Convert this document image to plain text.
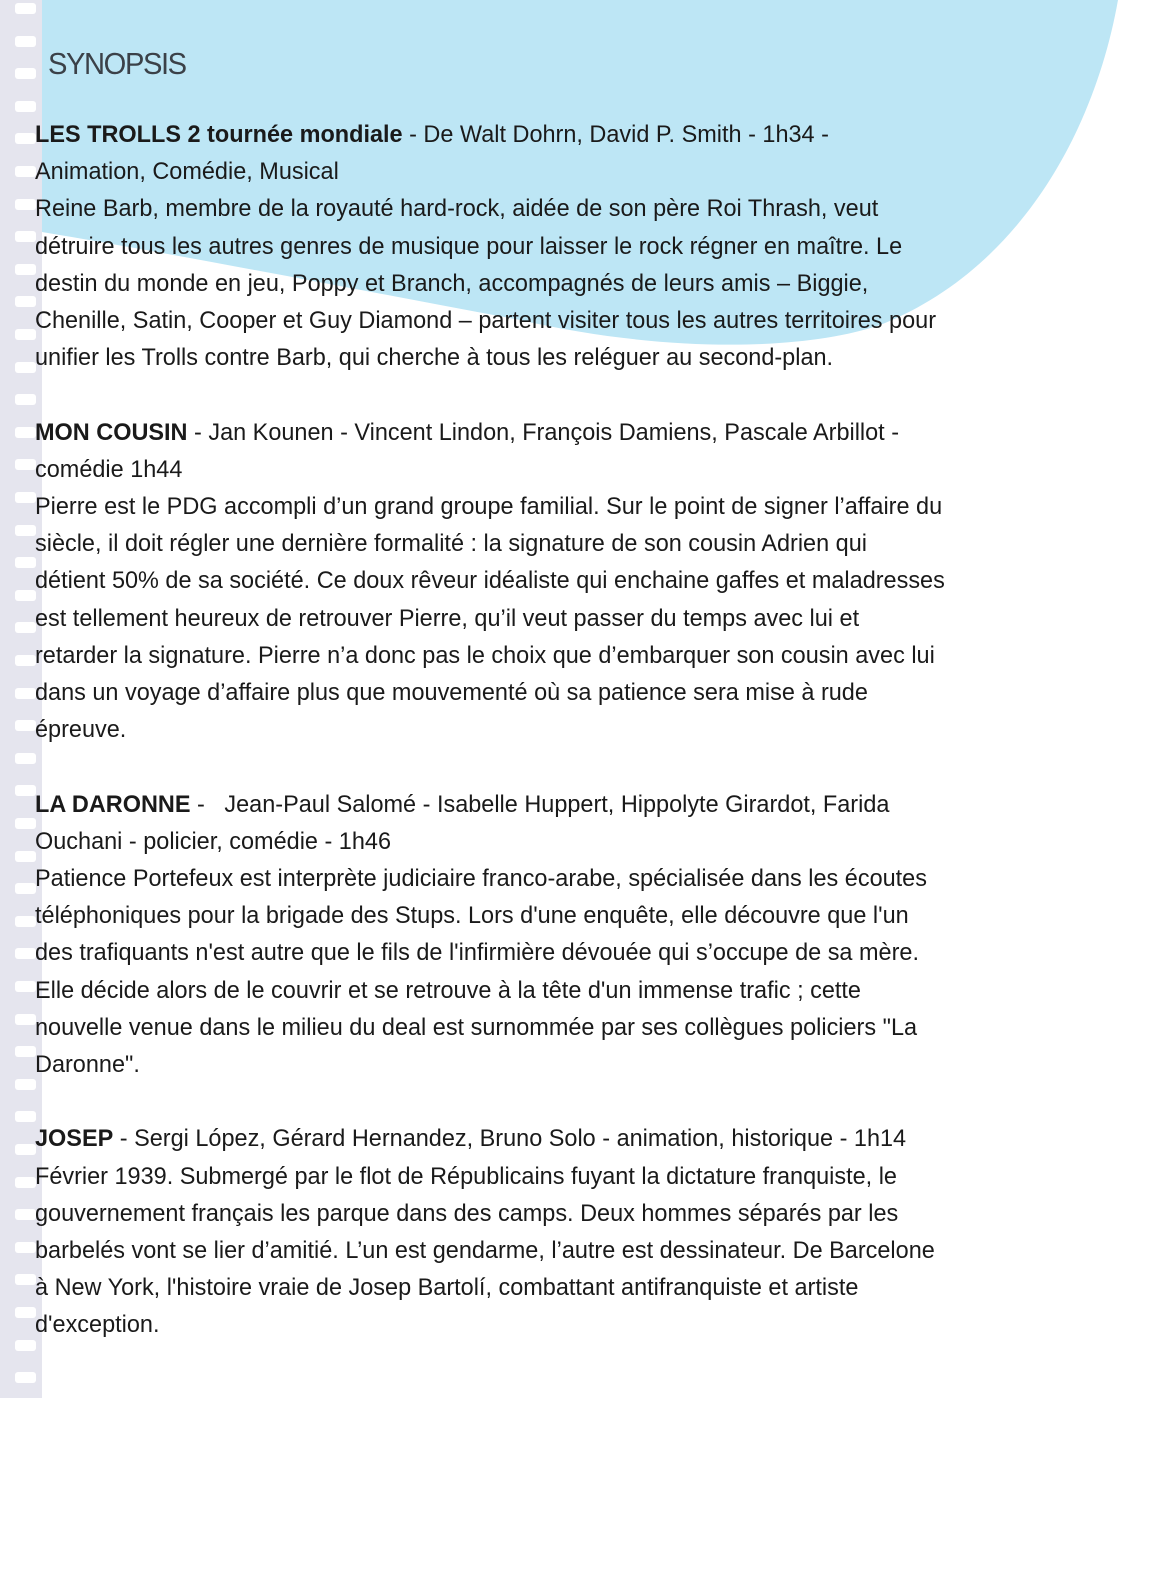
SYNOPSIS
LES TROLLS 2 tournée mondiale - De Walt Dohrn, David P. Smith - 1h34 -
Animation, Comédie, Musical
Reine Barb, membre de la royauté hard-rock, aidée de son père Roi Thrash, veut
détruire tous les autres genres de musique pour laisser le rock régner en maître. Le
destin du monde en jeu, Poppy et Branch, accompagnés de leurs amis – Biggie,
Chenille, Satin, Cooper et Guy Diamond – partent visiter tous les autres territoires pour
unifier les Trolls contre Barb, qui cherche à tous les reléguer au second-plan.
MON COUSIN - Jan Kounen - Vincent Lindon, François Damiens, Pascale Arbillot -
comédie 1h44
Pierre est le PDG accompli d’un grand groupe familial. Sur le point de signer l’affaire du
siècle, il doit régler une dernière formalité : la signature de son cousin Adrien qui
détient 50% de sa société. Ce doux rêveur idéaliste qui enchaine gaffes et maladresses
est tellement heureux de retrouver Pierre, qu’il veut passer du temps avec lui et
retarder la signature. Pierre n’a donc pas le choix que d’embarquer son cousin avec lui
dans un voyage d’affaire plus que mouvementé où sa patience sera mise à rude
épreuve.
LA DARONNE -   Jean-Paul Salomé - Isabelle Huppert, Hippolyte Girardot, Farida
Ouchani - policier, comédie - 1h46
Patience Portefeux est interprète judiciaire franco-arabe, spécialisée dans les écoutes
téléphoniques pour la brigade des Stups. Lors d'une enquête, elle découvre que l'un
des trafiquants n'est autre que le fils de l'infirmière dévouée qui s’occupe de sa mère.
Elle décide alors de le couvrir et se retrouve à la tête d'un immense trafic ; cette
nouvelle venue dans le milieu du deal est surnommée par ses collègues policiers "La
Daronne".
JOSEP - Sergi López, Gérard Hernandez, Bruno Solo - animation, historique - 1h14
Février 1939. Submergé par le flot de Républicains fuyant la dictature franquiste, le
gouvernement français les parque dans des camps. Deux hommes séparés par les
barbelés vont se lier d’amitié. L’un est gendarme, l’autre est dessinateur. De Barcelone
à New York, l'histoire vraie de Josep Bartolí, combattant antifranquiste et artiste
d'exception.
